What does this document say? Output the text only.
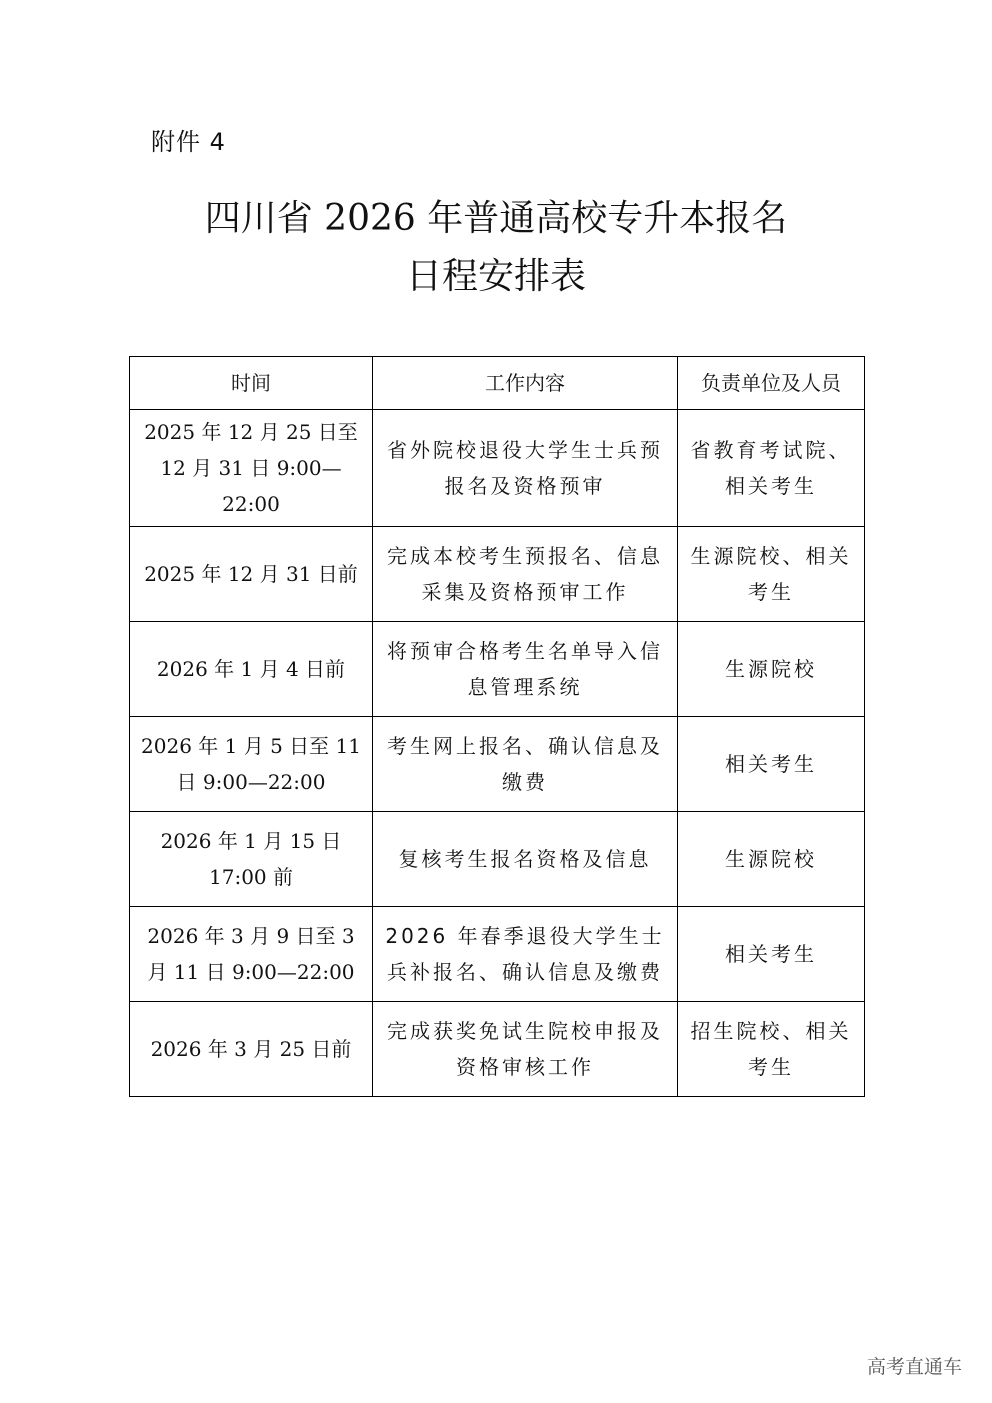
附件 4
四川省 2026 年普通高校专升本报名
日程安排表
时间	工作内容	负责单位及人员
2025 年 12 月 25 日至 12 月 31 日 9:00—22:00	省外院校退役大学生士兵预报名及资格预审	省教育考试院、相关考生
2025 年 12 月 31 日前	完成本校考生预报名、信息采集及资格预审工作	生源院校、相关考生
2026 年 1 月 4 日前	将预审合格考生名单导入信息管理系统	生源院校
2026 年 1 月 5 日至 11 日 9:00—22:00	考生网上报名、确认信息及缴费	相关考生
2026 年 1 月 15 日 17:00 前	复核考生报名资格及信息	生源院校
2026 年 3 月 9 日至 3 月 11 日 9:00—22:00	2026 年春季退役大学生士兵补报名、确认信息及缴费	相关考生
2026 年 3 月 25 日前	完成获奖免试生院校申报及资格审核工作	招生院校、相关考生
高考直通车
